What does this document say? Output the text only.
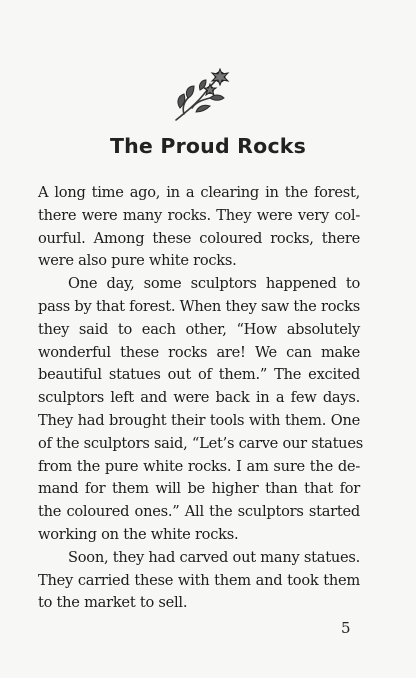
The Proud Rocks
A long time ago, in a clearing in the forest,
there were many rocks. They were very col-
ourful. Among these coloured rocks, there
were also pure white rocks.
One day, some sculptors happened to
pass by that forest. When they saw the rocks
they said to each other, “How absolutely
wonderful these rocks are! We can make
beautiful statues out of them.” The excited
sculptors left and were back in a few days.
They had brought their tools with them. One
of the sculptors said, “Let’s carve our statues
from the pure white rocks. I am sure the de-
mand for them will be higher than that for
the coloured ones.” All the sculptors started
working on the white rocks.
Soon, they had carved out many statues.
They carried these with them and took them
to the market to sell.
5
